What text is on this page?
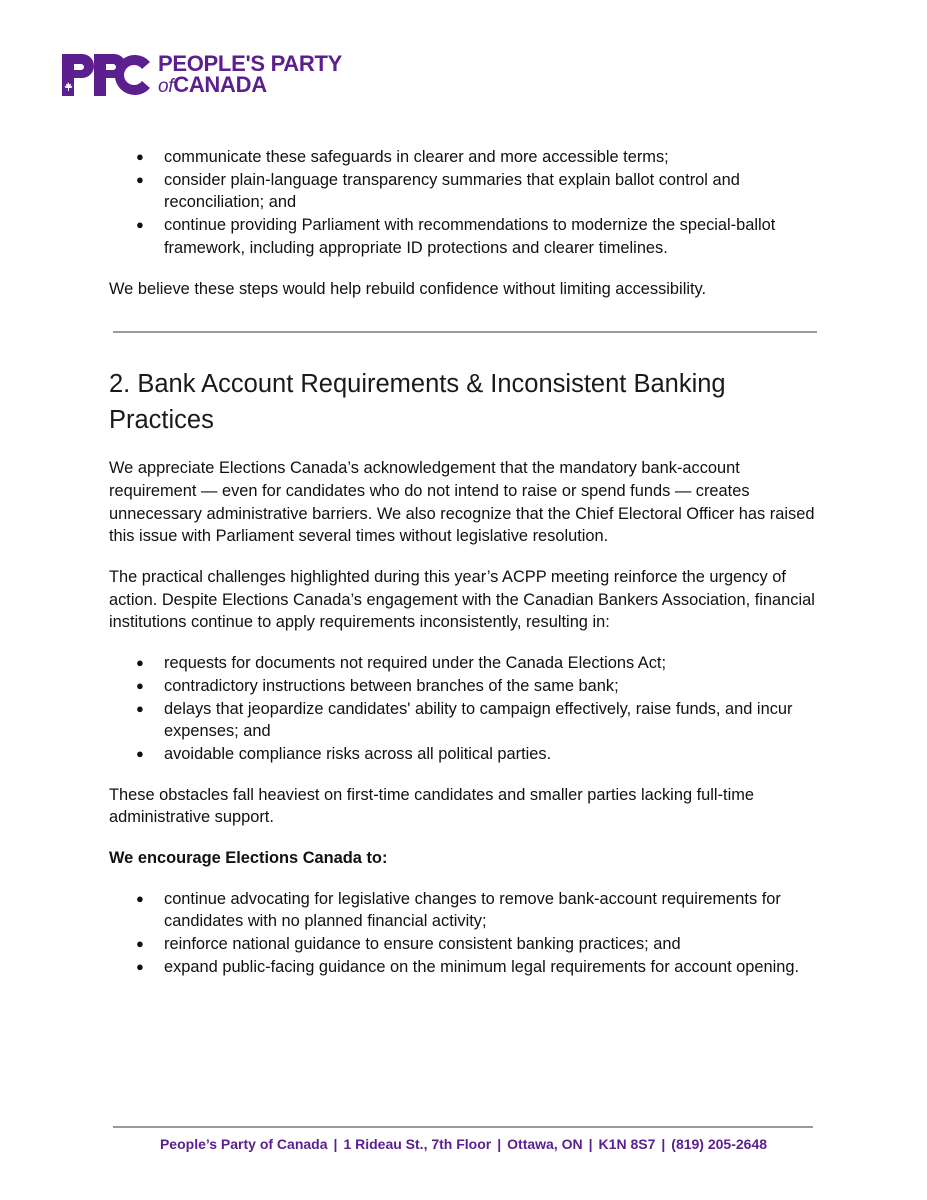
PEOPLE'S PARTY
ofCANADA
● communicate these safeguards in clearer and more accessible terms;
● consider plain-language transparency summaries that explain ballot control and reconciliation; and
● continue providing Parliament with recommendations to modernize the special-ballot framework, including appropriate ID protections and clearer timelines.

We believe these steps would help rebuild confidence without limiting accessibility.

2. Bank Account Requirements & Inconsistent Banking Practices

We appreciate Elections Canada’s acknowledgement that the mandatory bank-account requirement — even for candidates who do not intend to raise or spend funds — creates unnecessary administrative barriers. We also recognize that the Chief Electoral Officer has raised this issue with Parliament several times without legislative resolution.

The practical challenges highlighted during this year’s ACPP meeting reinforce the urgency of action. Despite Elections Canada’s engagement with the Canadian Bankers Association, financial institutions continue to apply requirements inconsistently, resulting in:

● requests for documents not required under the Canada Elections Act;
● contradictory instructions between branches of the same bank;
● delays that jeopardize candidates' ability to campaign effectively, raise funds, and incur expenses; and
● avoidable compliance risks across all political parties.

These obstacles fall heaviest on first-time candidates and smaller parties lacking full-time administrative support.

We encourage Elections Canada to:

● continue advocating for legislative changes to remove bank-account requirements for candidates with no planned financial activity;
● reinforce national guidance to ensure consistent banking practices; and
● expand public-facing guidance on the minimum legal requirements for account opening.
People’s Party of Canada | 1 Rideau St., 7th Floor | Ottawa, ON | K1N 8S7 | (819) 205-2648
